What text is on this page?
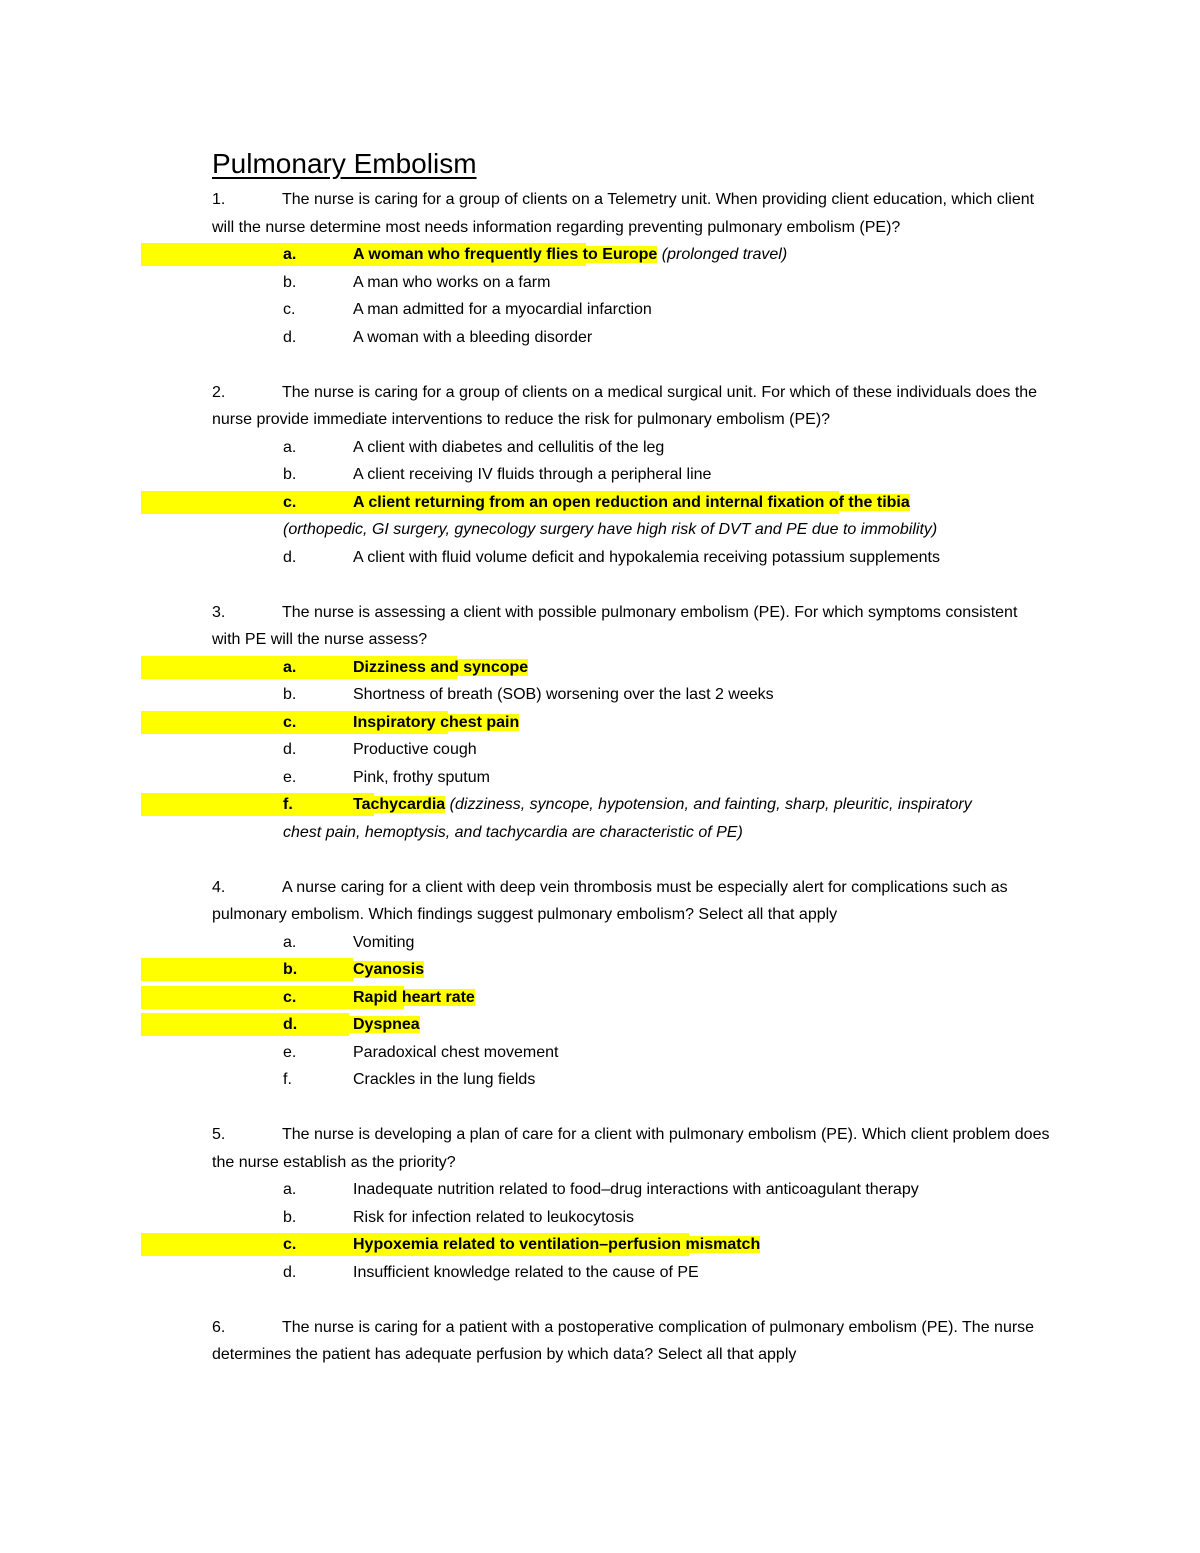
Pulmonary Embolism

1.	The nurse is caring for a group of clients on a Telemetry unit. When providing client education, which client will the nurse determine most needs information regarding preventing pulmonary embolism (PE)?

a.	A woman who frequently flies to Europe (prolonged travel)
b.	A man who works on a farm
c.	A man admitted for a myocardial infarction
d.	A woman with a bleeding disorder

2.	The nurse is caring for a group of clients on a medical surgical unit. For which of these individuals does the nurse provide immediate interventions to reduce the risk for pulmonary embolism (PE)?

a.	A client with diabetes and cellulitis of the leg
b.	A client receiving IV fluids through a peripheral line
c.	A client returning from an open reduction and internal fixation of the tibia
(orthopedic, GI surgery, gynecology surgery have high risk of DVT and PE due to immobility)
d.	A client with fluid volume deficit and hypokalemia receiving potassium supplements

3.	The nurse is assessing a client with possible pulmonary embolism (PE). For which symptoms consistent with PE will the nurse assess?

a.	Dizziness and syncope
b.	Shortness of breath (SOB) worsening over the last 2 weeks
c.	Inspiratory chest pain
d.	Productive cough
e.	Pink, frothy sputum
f.	Tachycardia (dizziness, syncope, hypotension, and fainting, sharp, pleuritic, inspiratory
chest pain, hemoptysis, and tachycardia are characteristic of PE)

4.	A nurse caring for a client with deep vein thrombosis must be especially alert for complications such as pulmonary embolism. Which findings suggest pulmonary embolism? Select all that apply

a.	Vomiting
b.	Cyanosis
c.	Rapid heart rate
d.	Dyspnea
e.	Paradoxical chest movement
f.	Crackles in the lung fields

5.	The nurse is developing a plan of care for a client with pulmonary embolism (PE). Which client problem does the nurse establish as the priority?

a.	Inadequate nutrition related to food–drug interactions with anticoagulant therapy
b.	Risk for infection related to leukocytosis
c.	Hypoxemia related to ventilation–perfusion mismatch
d.	Insufficient knowledge related to the cause of PE

6.	The nurse is caring for a patient with a postoperative complication of pulmonary embolism (PE). The nurse determines the patient has adequate perfusion by which data? Select all that apply
